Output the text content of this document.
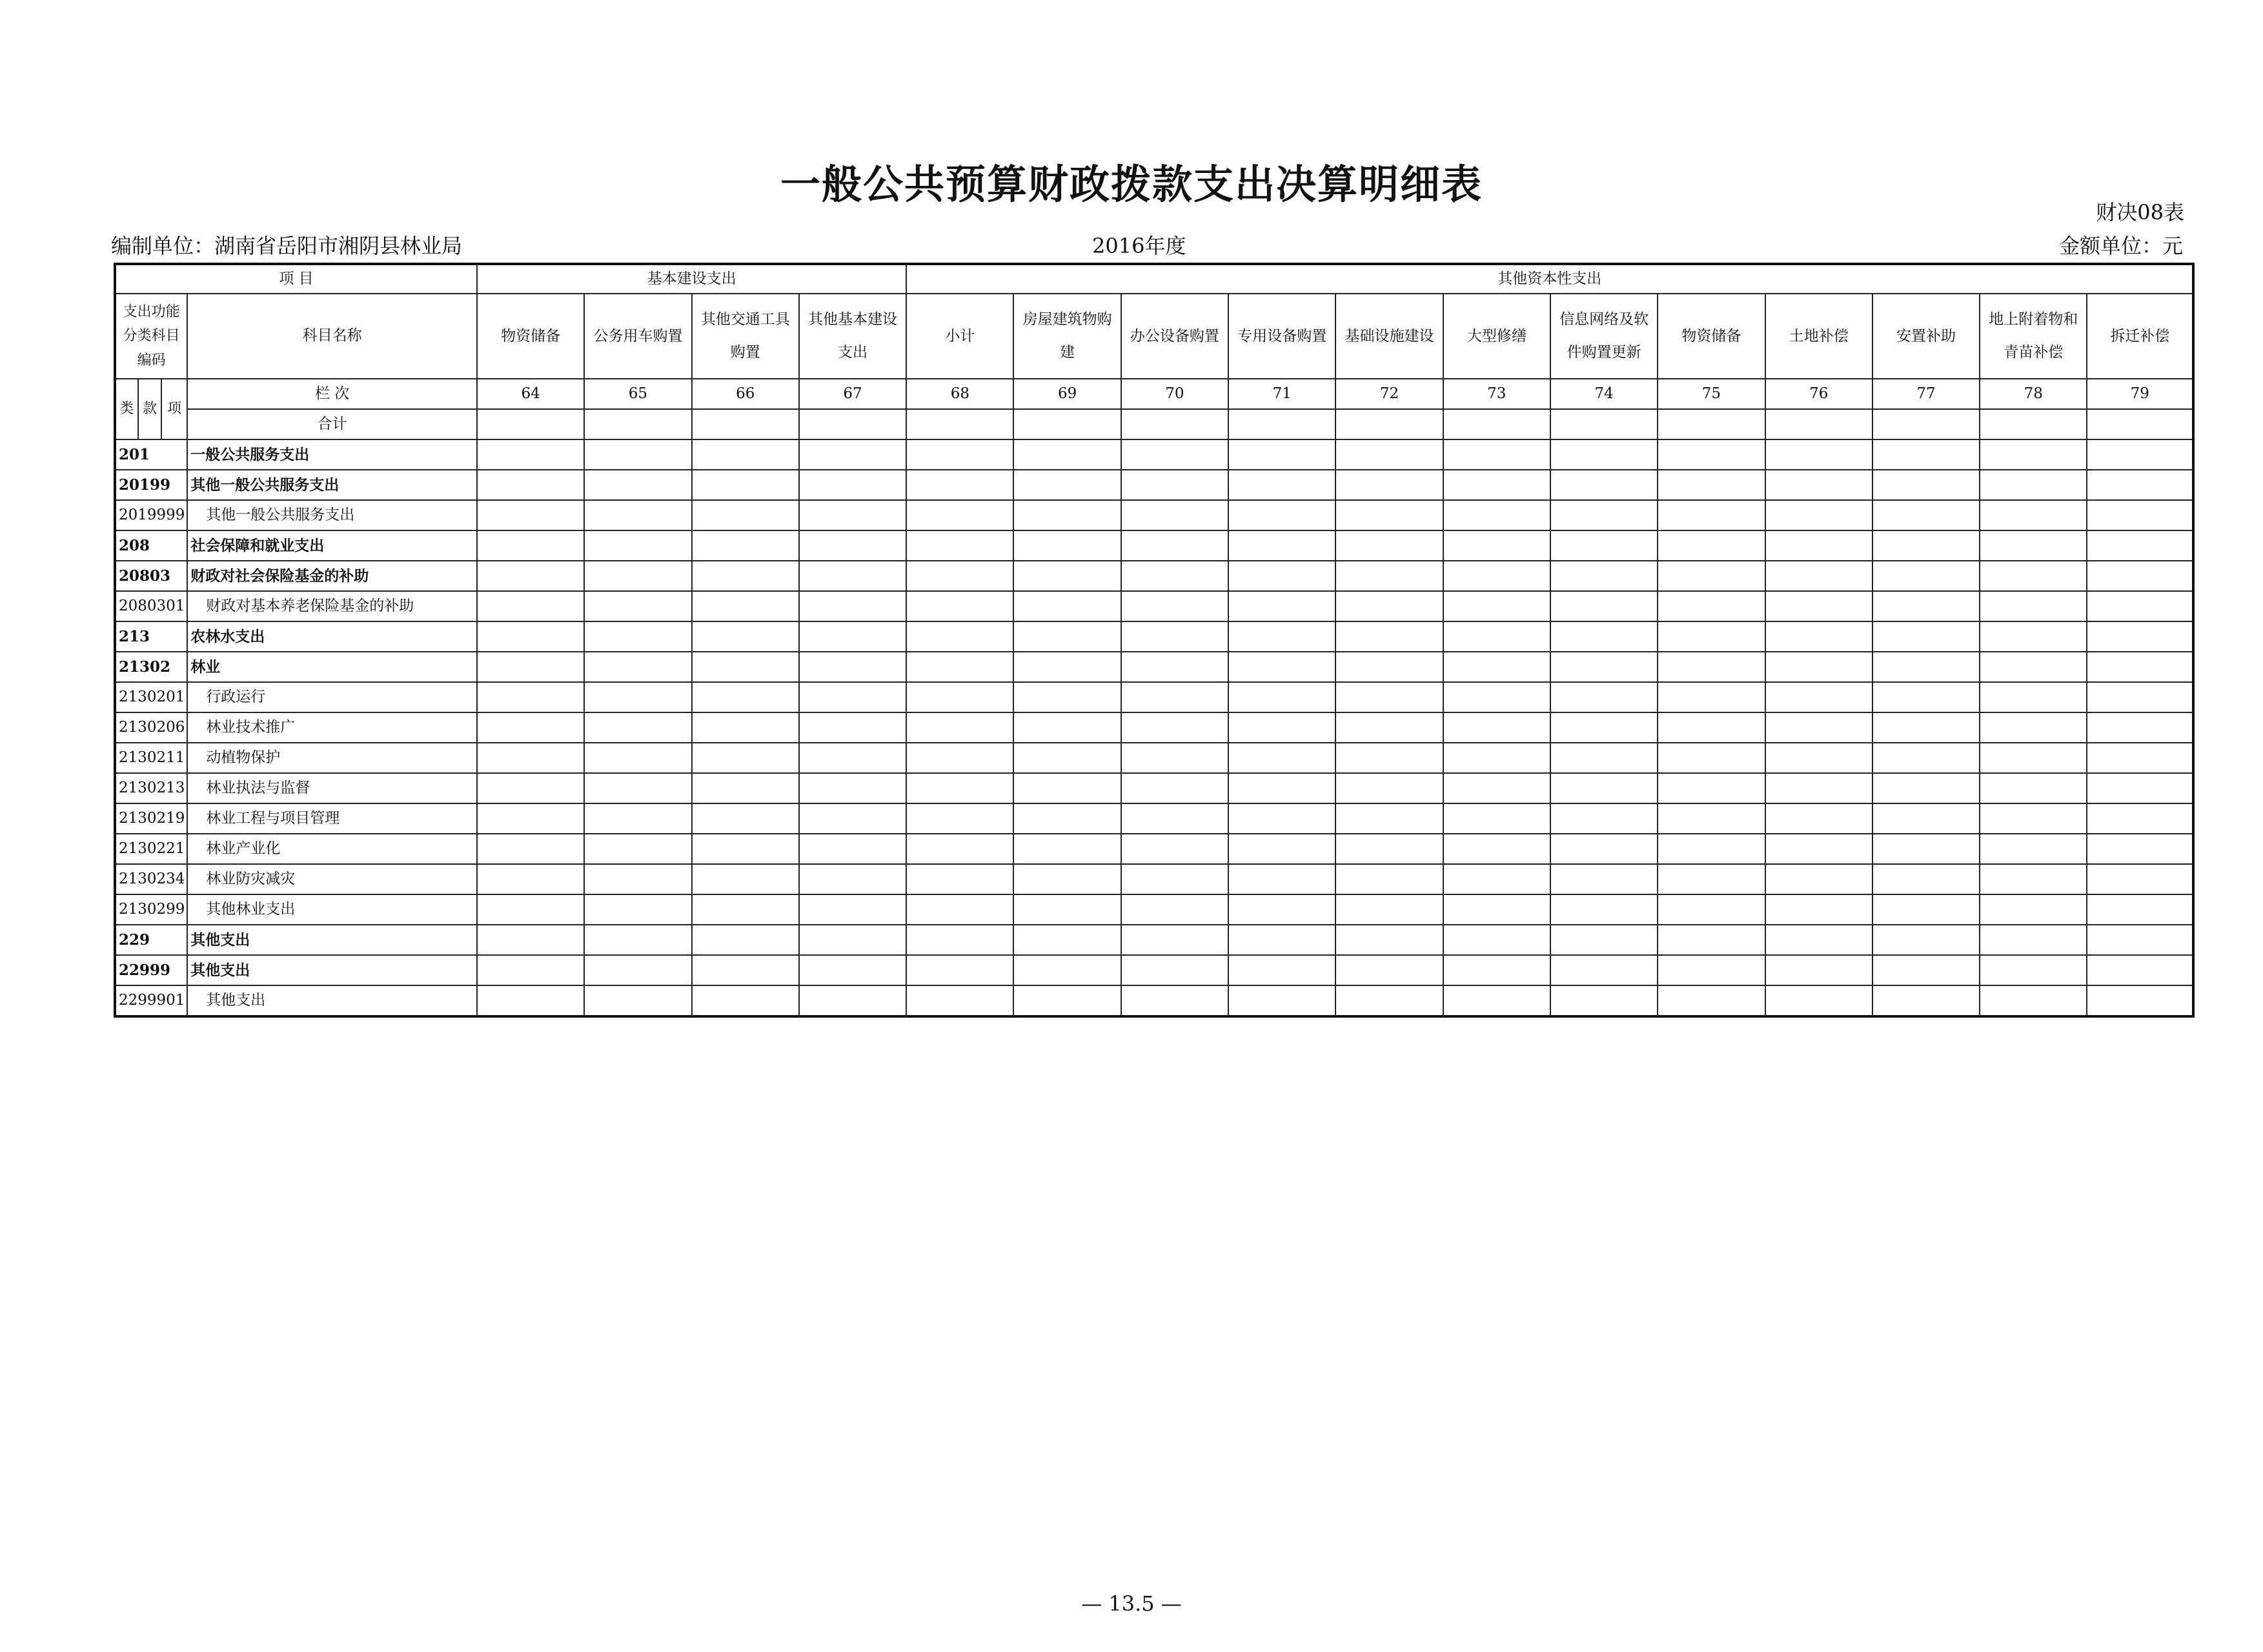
一般公共预算财政拨款支出决算明细表
财决08表
编制单位：湖南省岳阳市湘阴县林业局	2016年度	金额单位：元
项 目				基本建设支出				其他资本性支出											
支出功能分类科目编码			科目名称	物资储备	公务用车购置	其他交通工具购置	其他基本建设支出	小计	房屋建筑物购建	办公设备购置	专用设备购置	基础设施建设	大型修缮	信息网络及软件购置更新	物资储备	土地补偿	安置补助	地上附着物和青苗补偿	拆迁补偿
类	款	项	栏 次	64	65	66	67	68	69	70	71	72	73	74	75	76	77	78	79
			合计																
201			一般公共服务支出																
20199			其他一般公共服务支出																
2019999			其他一般公共服务支出																
208			社会保障和就业支出																
20803			财政对社会保险基金的补助																
2080301			财政对基本养老保险基金的补助																
213			农林水支出																
21302			林业																
2130201			行政运行																
2130206			林业技术推广																
2130211			动植物保护																
2130213			林业执法与监督																
2130219			林业工程与项目管理																
2130221			林业产业化																
2130234			林业防灾减灾																
2130299			其他林业支出																
229			其他支出																
22999			其他支出																
2299901			其他支出																
— 13.5 —
